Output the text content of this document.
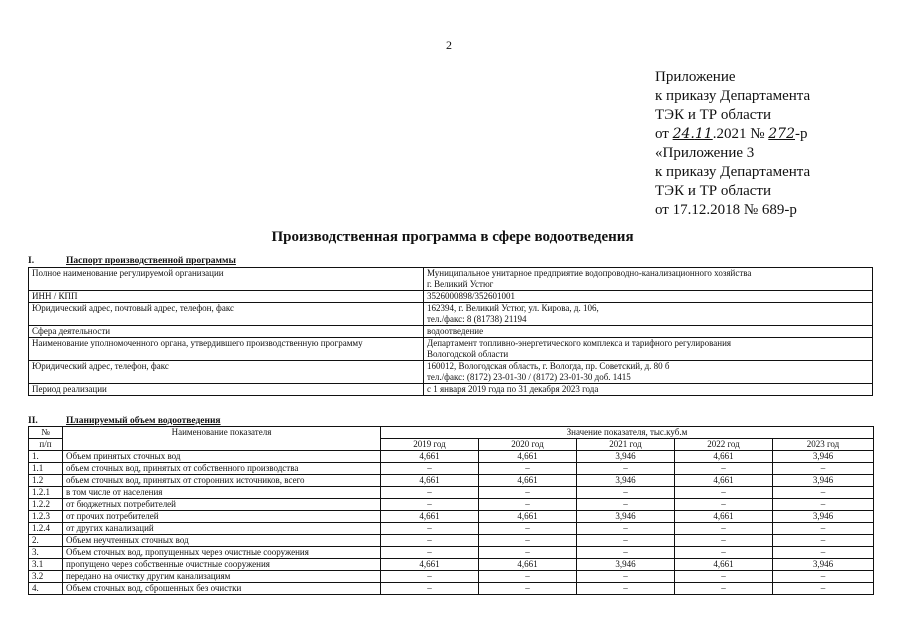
2
Приложение
к приказу Департамента
ТЭК и ТР области
от 24.11.2021 № 272-р
«Приложение 3
к приказу Департамента
ТЭК и ТР области
от 17.12.2018 № 689-р
Производственная программа в сфере водоотведения
I.	Паспорт производственной программы
Полное наименование регулируемой организации	Муниципальное унитарное предприятие водопроводно-канализационного хозяйства
г. Великий Устюг

ИНН / КПП	3526000898/352601001

Юридический адрес, почтовый адрес, телефон, факс	162394, г. Великий Устюг, ул. Кирова, д. 106,
тел./факс: 8 (81738) 21194

Сфера деятельности	водоотведение

Наименование уполномоченного органа, утвердившего производственную программу	Департамент топливно-энергетического комплекса и тарифного регулирования
Вологодской области

Юридический адрес, телефон, факс	160012, Вологодская область, г. Вологда, пр. Советский, д. 80 б
тел./факс: (8172) 23-01-30 / (8172) 23-01-30 доб. 1415

Период реализации	с 1 января 2019 года по 31 декабря 2023 года
II.	Планируемый объем водоотведения
№	Наименование показателя	Значение показателя, тыс.куб.м				
п/п		2019 год	2020 год	2021 год	2022 год	2023 год
1.	Объем принятых сточных вод	4,661	4,661	3,946	4,661	3,946
1.1	объем сточных вод, принятых от собственного производства	–	–	–	–	–
1.2	объем сточных вод, принятых от сторонних источников, всего	4,661	4,661	3,946	4,661	3,946
1.2.1	в том числе от населения	–	–	–	–	–
1.2.2	от бюджетных потребителей	–	–	–	–	–
1.2.3	от прочих потребителей	4,661	4,661	3,946	4,661	3,946
1.2.4	от других канализаций	–	–	–	–	–
2.	Объем неучтенных сточных вод	–	–	–	–	–
3.	Объем сточных вод, пропущенных через очистные сооружения	–	–	–	–	–
3.1	пропущено через собственные очистные сооружения	4,661	4,661	3,946	4,661	3,946
3.2	передано на очистку другим канализациям	–	–	–	–	–
4.	Объем сточных вод, сброшенных без очистки	–	–	–	–	–
